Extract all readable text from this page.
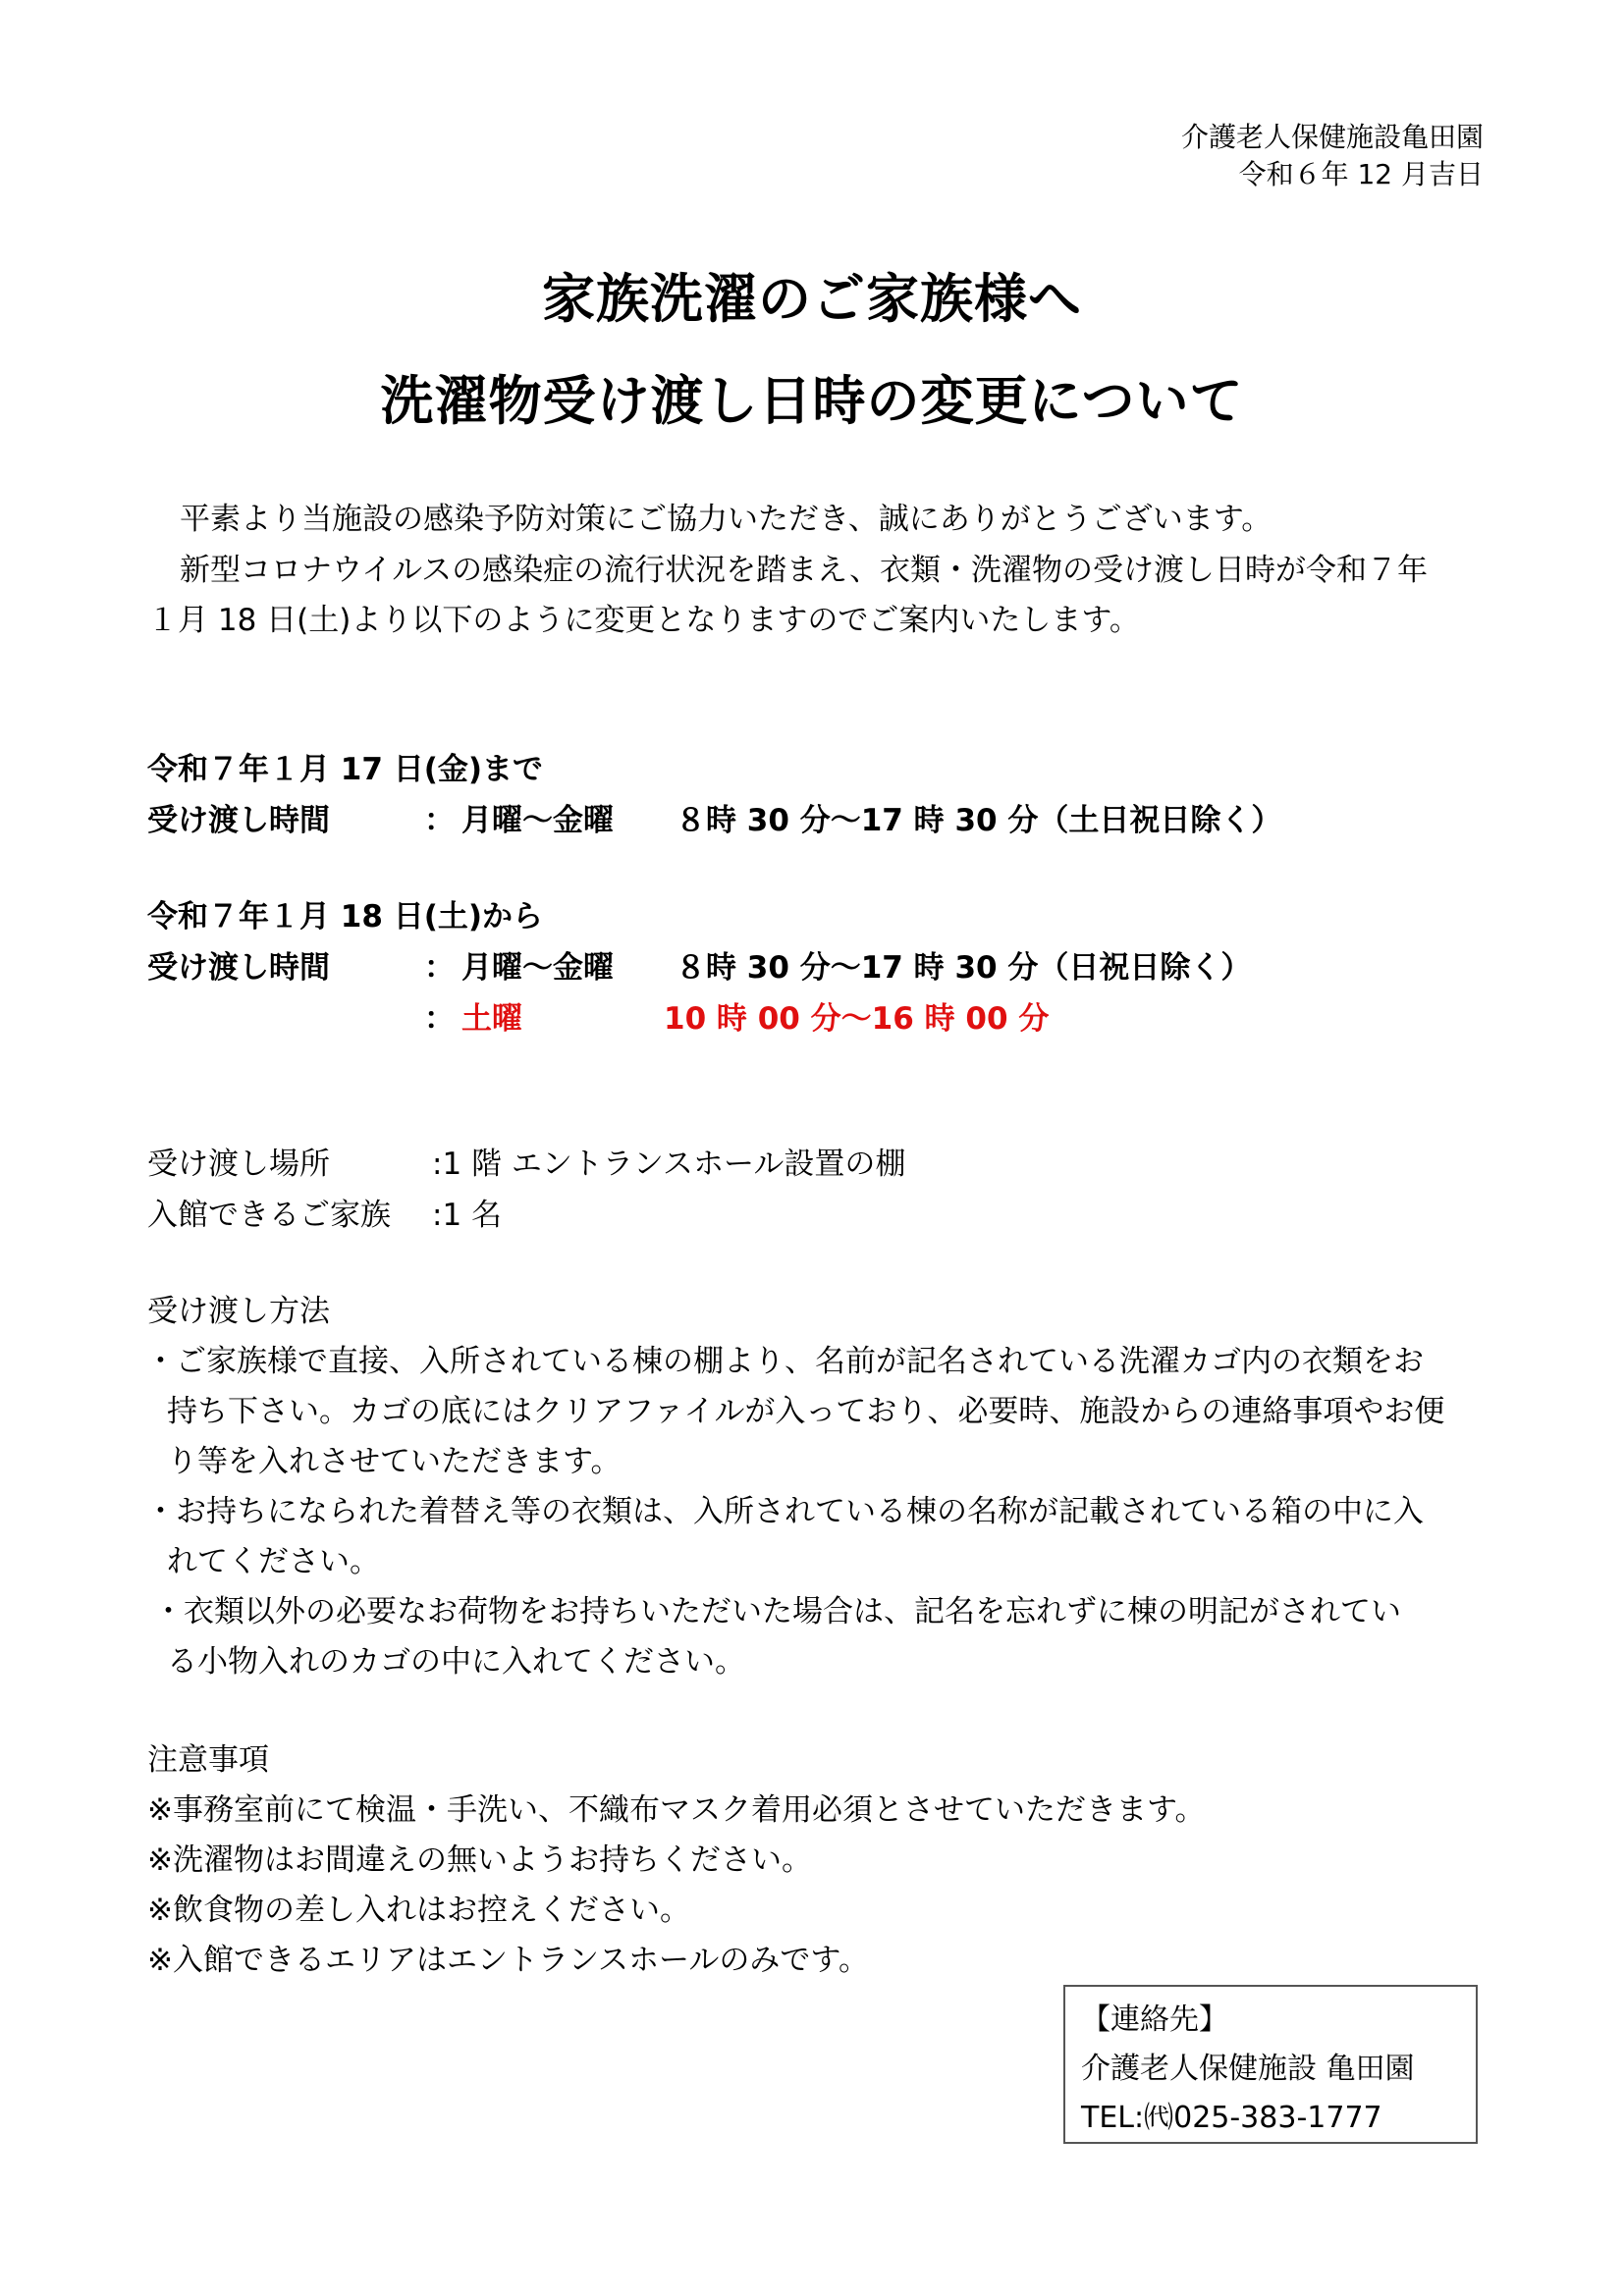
介護老人保健施設亀田園
令和６年 12 月吉日
家族洗濯のご家族様へ
洗濯物受け渡し日時の変更について
平素より当施設の感染予防対策にご協力いただき、誠にありがとうございます。
新型コロナウイルスの感染症の流行状況を踏まえ、衣類・洗濯物の受け渡し日時が令和７年
１月 18 日(土)より以下のように変更となりますのでご案内いたします。
令和７年１月 17 日(金)まで
受け渡し時間	： 月曜～金曜 ８時 30 分～17 時 30 分（土日祝日除く）
令和７年１月 18 日(土)から
受け渡し時間	： 月曜～金曜 ８時 30 分～17 時 30 分（日祝日除く）
： 土曜	10 時 00 分～16 時 00 分
受け渡し場所	:1 階 エントランスホール設置の棚
入館できるご家族 :1 名
受け渡し方法
・ご家族様で直接、入所されている棟の棚より、名前が記名されている洗濯カゴ内の衣類をお
持ち下さい。カゴの底にはクリアファイルが入っており、必要時、施設からの連絡事項やお便
り等を入れさせていただきます。
・お持ちになられた着替え等の衣類は、入所されている棟の名称が記載されている箱の中に入
れてください。
・衣類以外の必要なお荷物をお持ちいただいた場合は、記名を忘れずに棟の明記がされてい
る小物入れのカゴの中に入れてください。
注意事項
※事務室前にて検温・手洗い、不織布マスク着用必須とさせていただきます。
※洗濯物はお間違えの無いようお持ちください。
※飲食物の差し入れはお控えください。
※入館できるエリアはエントランスホールのみです。
【連絡先】
介護老人保健施設 亀田園
TEL:㈹025-383-1777
